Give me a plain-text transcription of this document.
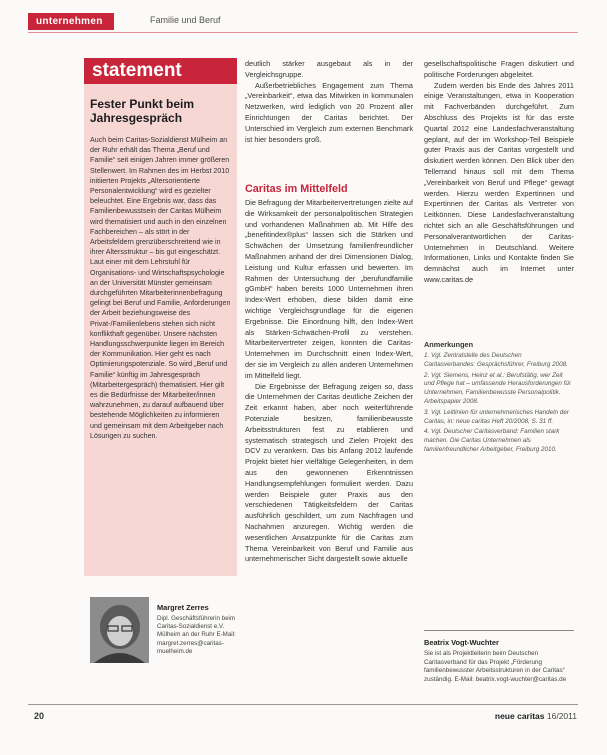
unternehmen	Familie und Beruf
statement
Fester Punkt beim Jahresgespräch
Auch beim Caritas-Sozialdienst Mülheim an der Ruhr erhält das Thema „Beruf und Familie“ seit einigen Jahren immer größeren Stellenwert. Im Rahmen des im Herbst 2010 initiierten Projekts „Altersorientierte Personalentwicklung“ wird es gezielter beleuchtet. Eine Ergebnis war, dass das Familienbewusstsein der Caritas Mülheim wird thematisiert und auch in den einzelnen Fachbereichen – als stört in der Arbeitsfeldern grenzüberschreitend wie in ihrer Altersstruktur – bis gut eingeschätzt. Laut einer mit dem Lehrstuhl für Organisations- und Wirtschaftspsychologie an der Universität Münster gemeinsam durchgeführten Mitarbeiterinnenbefragung gelingt bei Beruf und Familie, Anforderungen der Arbeit beziehungsweise des Privat-/Familienlebens stehen sich nicht konflikthaft gegenüber. Unsere nächsten Handlungsschwerpunkte liegen im Bereich der Kommunikation. Hier geht es nach Optimierungspotenziale. So wird „Beruf und Familie“ künftig im Jahresgespräch (Mitarbeitergespräch) thematisiert. Hier gilt es die Bedürfnisse der Mitarbeiter/innen wahrzunehmen, zu darauf aufbauend über bestehende Möglichkeiten zu informieren und gemeinsam mit dem Arbeitgeber nach Lösungen zu suchen.
Margret Zerres
Dipl. Geschäftsführerin beim Caritas-Sozialdienst e.V. Mülheim an der Ruhr E-Mail: margret.zerres@caritas-muelheim.de

deutlich stärker ausgebaut als in der Vergleichsgruppe.

Außerbetriebliches Engagement zum Thema „Vereinbarkeit“, etwa das Mitwirken in kommunalen Netzwerken, wird lediglich von 20 Prozent aller Einrichtungen der Caritas berichtet. Der Unterschied im Vergleich zum externen Benchmark ist hier besonders groß.

Caritas im Mittelfeld

Die Befragung der Mitarbeitervertretungen zielte auf die Wirksamkeit der personalpolitischen Strategien und vorhandenen Maßnahmen ab. Mit Hilfe des „benefitindex®plus“ lassen sich die Stärken und Schwächen der Umsetzung familienfreundlicher Maßnahmen anhand der drei Dimensionen Dialog, Leistung und Kultur erfassen und bewerten. Im Rahmen der Untersuchung der „berufundfamilie gGmbH“ haben bereits 1000 Unternehmen ihren Index-Wert erhoben, diese bilden damit eine wichtige Vergleichsgrundlage für die eigenen Ergebnisse. Die Einordnung hilft, den Index-Wert als Stärken-Schwächen-Profil zu verstehen. Mitarbeitervertreter zeigen, konnten die Caritas-Unternehmen im Durchschnitt einen Index-Wert, der sie im Vergleich zu allen anderen Unternehmen im Mittelfeld liegt.

Die Ergebnisse der Befragung zeigen so, dass die Unternehmen der Caritas deutliche Zeichen der Zeit erkannt haben, aber noch weiterführende Potenziale besitzen, familienbewusste Arbeitsstrukturen fest zu etablieren und systematisch strategisch und Zielen Projekt des DCV zu verankern. Das bis Anfang 2012 laufende Projekt bietet hier vielfältige Gelegenheiten, in dem aus den gewonnenen Erkenntnissen Handlungsempfehlungen formuliert werden. Dazu werden Beispiele guter Praxis aus den verschiedenen Tätigkeitsfeldern der Caritas ausführlich geschildert, um zum Nachfragen und Nachahmen anzuregen. Wichtig werden die wesentlichen Ansatzpunkte für die Caritas zum Thema Vereinbarkeit von Beruf und Familie aus unternehmerischer Sicht dargestellt sowie aktuelle

gesellschaftspolitische Fragen diskutiert und politische Forderungen abgeleitet.

Zudem werden bis Ende des Jahres 2011 einige Veranstaltungen, etwa in Kooperation mit Fachverbänden durchgeführt. Zum Abschluss des Projekts ist für das erste Quartal 2012 eine Landesfachveranstaltung geplant, auf der im Workshop-Teil Beispiele guter Praxis aus der Caritas vorgestellt und diskutiert werden können. Den Blick über den Tellerrand hinaus soll mit dem Thema „Vereinbarkeit von Beruf und Pflege“ gewagt werden. Hierzu werden Expertinnen und Expertinnen der Caritas als Vertreter von Leitkönnen. Diese Landesfachveranstaltung richtet sich an alle Geschäftsführungen und Personalverantwortlichen der Caritas-Unternehmen in Deutschland. Weitere Informationen, Links und Kontakte finden Sie demnächst auch im Internet unter www.caritas.de

Anmerkungen
1. Vgl. Zentralstelle des Deutschen Caritasverbandes: Gesprächsführer, Freiburg 2008.
2. Vgl. Siemens, Heinz et al.: Berufstätig, wer Zeit und Pflege hat – umfassende Herausforderungen für Unternehmen, Familienbewusste Personalpolitik. Arbeitspapier 2008.
3. Vgl. Leitlinien für unternehmerisches Handeln der Caritas, in: neue caritas Heft 20/2008, S. 31 ff.
4. Vgl. Deutscher Caritasverband: Familien stark machen. Die Caritas Unternehmen als familienfreundlicher Arbeitgeber, Freiburg 2010.
Beatrix Vogt-Wuchter
Sie ist als Projektleiterin beim Deutschen Caritasverband für das Projekt „Förderung familienbewusster Arbeitsstrukturen in der Caritas“ zuständig. E-Mail: beatrix.vogt-wuchter@caritas.de
20	neue caritas 16/2011
